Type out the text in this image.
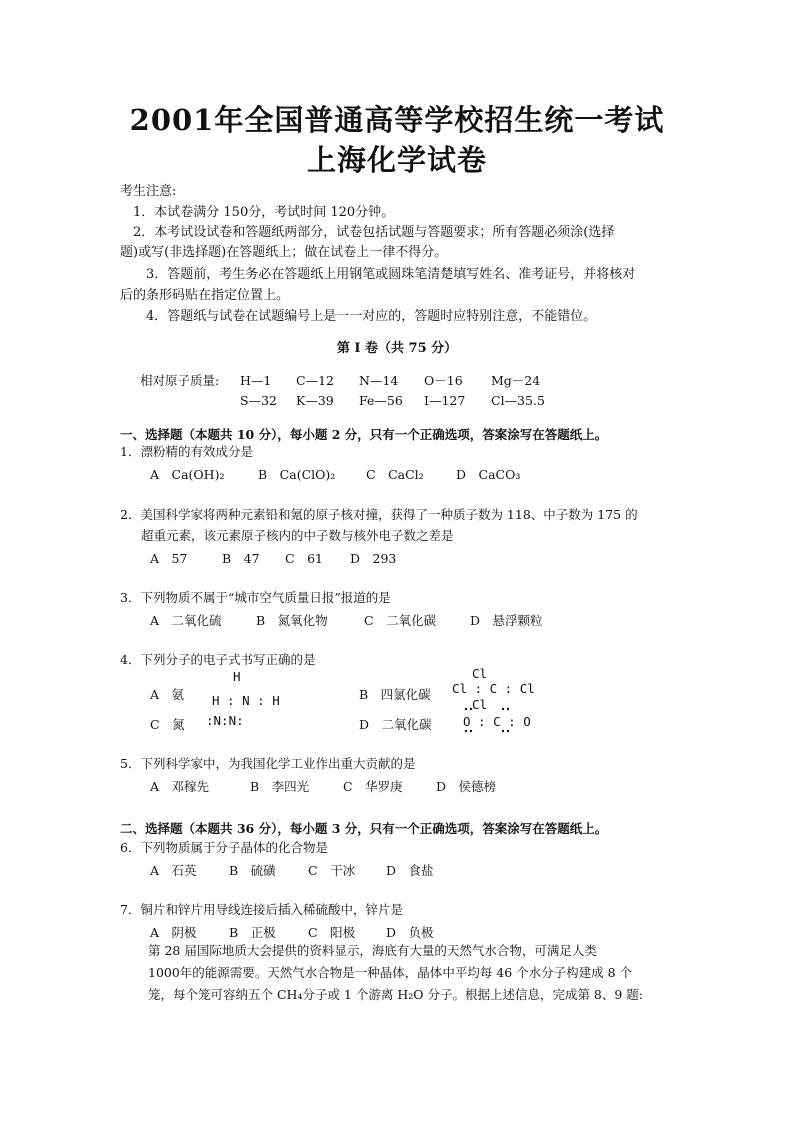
2001年全国普通高等学校招生统一考试
上海化学试卷
考生注意:
1．本试卷满分 150分，考试时间 120分钟。
2．本考试设试卷和答题纸两部分，试卷包括试题与答题要求；所有答题必须涂(选择
题)或写(非选择题)在答题纸上；做在试卷上一律不得分。
3．答题前，考生务必在答题纸上用钢笔或圆珠笔清楚填写姓名、准考证号，并将核对
后的条形码贴在指定位置上。
4．答题纸与试卷在试题编号上是一一对应的，答题时应特别注意，不能错位。
第 I 卷（共 75 分）
相对原子质量: H—1 C—12 N—14 O－16 Mg－24
S—32 K—39 Fe—56 I—127 Cl—35.5
一、选择题（本题共 10 分），每小题 2 分，只有一个正确选项，答案涂写在答题纸上。
1．漂粉精的有效成分是
A　Ca(OH)₂	B　Ca(ClO)₂ C　CaCl₂	D　CaCO₃
2．美国科学家将两种元素铅和氪的原子核对撞，获得了一种质子数为 118、中子数为 175 的
超重元素，该元素原子核内的中子数与核外电子数之差是
A　57	B　47 C　61 D　293
3．下列物质不属于“城市空气质量日报”报道的是
A　二氧化硫	B　氮氧化物	C　二氧化碳	D　悬浮颗粒
4．下列分子的电子式书写正确的是
A　氨
H
H : N : H	B　四氯化碳
Cl
Cl : C : Cl
Cl
C　氮 :N:N:	D　二氧化碳	O : C : O
5．下列科学家中，为我国化学工业作出重大贡献的是
A　邓稼先	B　李四光	C　华罗庚	D　侯德榜
二、选择题（本题共 36 分），每小题 3 分，只有一个正确选项，答案涂写在答题纸上。
6．下列物质属于分子晶体的化合物是
A　石英	B　硫磺	C　干冰 D　食盐
7．铜片和锌片用导线连接后插入稀硫酸中，锌片是
A　阴极	B　正极	C　阳极 D　负极
第 28 届国际地质大会提供的资料显示，海底有大量的天然气水合物，可满足人类
1000年的能源需要。天然气水合物是一种晶体，晶体中平均每 46 个水分子构建成 8 个
笼，每个笼可容纳五个 CH₄分子或 1 个游离 H₂O 分子。根据上述信息，完成第 8、9 题:
